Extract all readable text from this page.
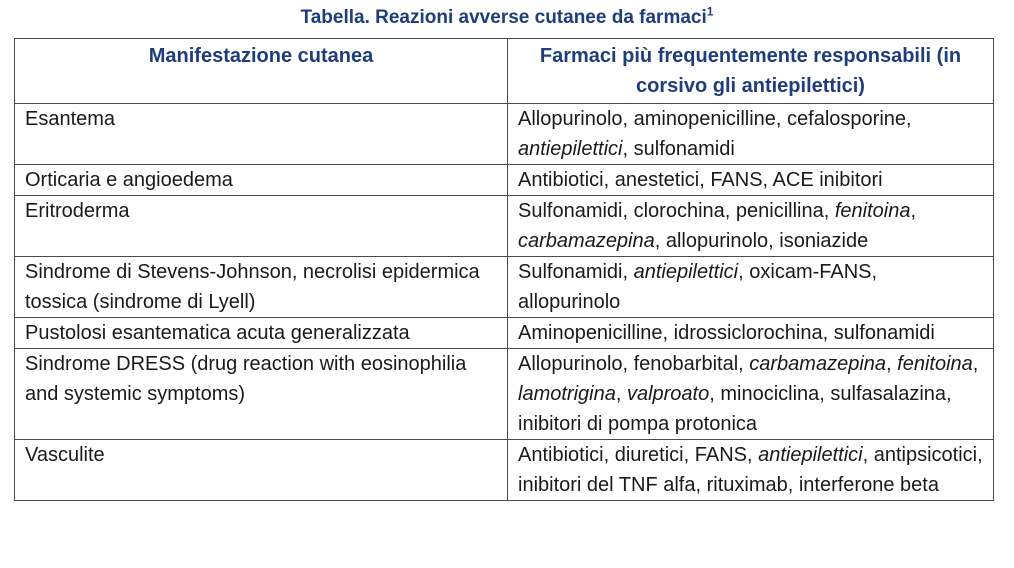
Tabella. Reazioni avverse cutanee da farmaci$^1$
Manifestazione cutanea	Farmaci più frequentemente responsabili (in corsivo gli antiepilettici)
Esantema	Allopurinolo, aminopenicilline, cefalosporine, antiepilettici, sulfonamidi
Orticaria e angioedema	Antibiotici, anestetici, FANS, ACE inibitori
Eritroderma	Sulfonamidi, clorochina, penicillina, fenitoina, carbamazepina, allopurinolo, isoniazide
Sindrome di Stevens-Johnson, necrolisi epidermica tossica (sindrome di Lyell)	Sulfonamidi, antiepilettici, oxicam-FANS, allopurinolo
Pustolosi esantematica acuta generalizzata	Aminopenicilline, idrossiclorochina, sulfonamidi
Sindrome DRESS (drug reaction with eosinophilia and systemic symptoms)	Allopurinolo, fenobarbital, carbamazepina, fenitoina, lamotrigina, valproato, minociclina, sulfasalazina, inibitori di pompa protonica
Vasculite	Antibiotici, diuretici, FANS, antiepilettici, antipsicotici, inibitori del TNF alfa, rituximab, interferone beta
